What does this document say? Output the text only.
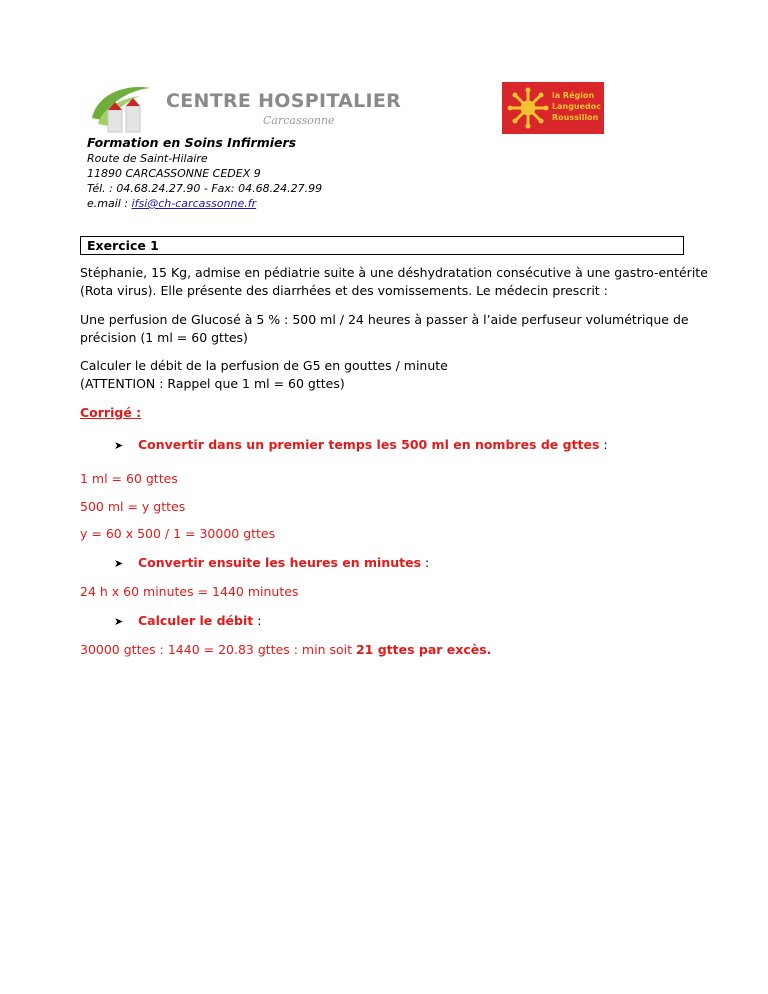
CENTRE HOSPITALIER
Carcassonne
la Région
Languedoc
Roussillon
Formation en Soins Infirmiers
Route de Saint-Hilaire
11890 CARCASSONNE CEDEX 9
Tél. : 04.68.24.27.90 - Fax: 04.68.24.27.99
e.mail : ifsi@ch-carcassonne.fr
Exercice 1
Stéphanie, 15 Kg, admise en pédiatrie suite à une déshydratation consécutive à une gastro-entérite
(Rota virus). Elle présente des diarrhées et des vomissements. Le médecin prescrit :
Une perfusion de Glucosé à 5 % : 500 ml / 24 heures à passer à l’aide perfuseur volumétrique de
précision (1 ml = 60 gttes)
Calculer le débit de la perfusion de G5 en gouttes / minute
(ATTENTION : Rappel que 1 ml = 60 gttes)
Corrigé :
➤ Convertir dans un premier temps les 500 ml en nombres de gttes :
1 ml = 60 gttes
500 ml = y gttes
y = 60 x 500 / 1 = 30000 gttes
➤ Convertir ensuite les heures en minutes :
24 h x 60 minutes = 1440 minutes
➤ Calculer le débit :
30000 gttes : 1440 = 20.83 gttes : min soit 21 gttes par excès.
